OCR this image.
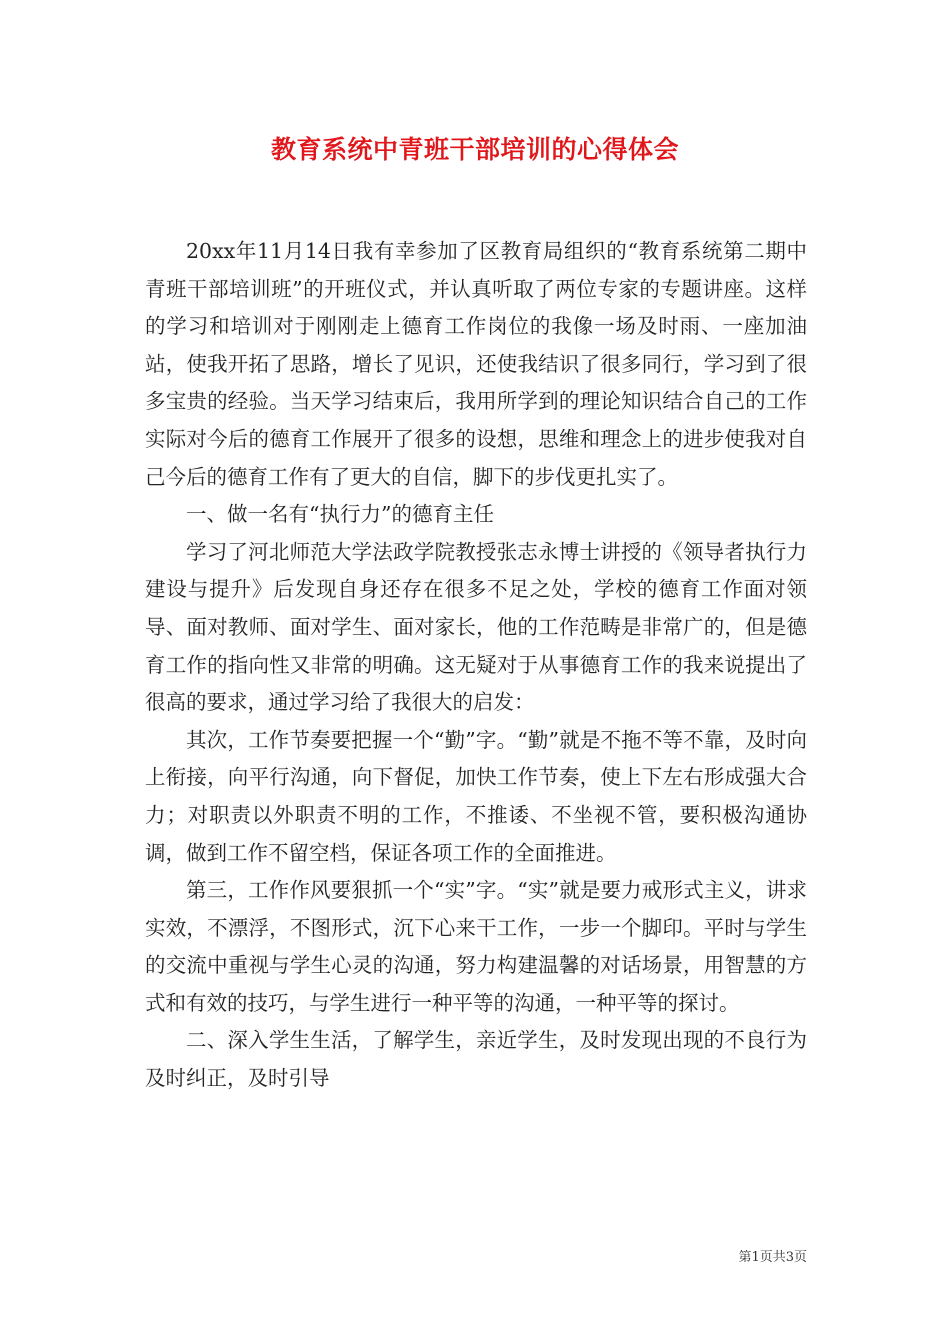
教育系统中青班干部培训的心得体会

20xx年11月14日我有幸参加了区教育局组织的“教育系统第二期中青班干部培训班”的开班仪式，并认真听取了两位专家的专题讲座。这样的学习和培训对于刚刚走上德育工作岗位的我像一场及时雨、一座加油站，使我开拓了思路，增长了见识，还使我结识了很多同行，学习到了很多宝贵的经验。当天学习结束后，我用所学到的理论知识结合自己的工作实际对今后的德育工作展开了很多的设想，思维和理念上的进步使我对自己今后的德育工作有了更大的自信，脚下的步伐更扎实了。

一、做一名有“执行力”的德育主任

学习了河北师范大学法政学院教授张志永博士讲授的《领导者执行力建设与提升》后发现自身还存在很多不足之处，学校的德育工作面对领导、面对教师、面对学生、面对家长，他的工作范畴是非常广的，但是德育工作的指向性又非常的明确。这无疑对于从事德育工作的我来说提出了很高的要求，通过学习给了我很大的启发：

其次，工作节奏要把握一个“勤”字。“勤”就是不拖不等不靠，及时向上衔接，向平行沟通，向下督促，加快工作节奏，使上下左右形成强大合力；对职责以外职责不明的工作，不推诿、不坐视不管，要积极沟通协调，做到工作不留空档，保证各项工作的全面推进。

第三，工作作风要狠抓一个“实”字。“实”就是要力戒形式主义，讲求实效，不漂浮，不图形式，沉下心来干工作，一步一个脚印。平时与学生的交流中重视与学生心灵的沟通，努力构建温馨的对话场景，用智慧的方式和有效的技巧，与学生进行一种平等的沟通，一种平等的探讨。

二、深入学生生活，了解学生，亲近学生，及时发现出现的不良行为及时纠正，及时引导

第1页共3页
